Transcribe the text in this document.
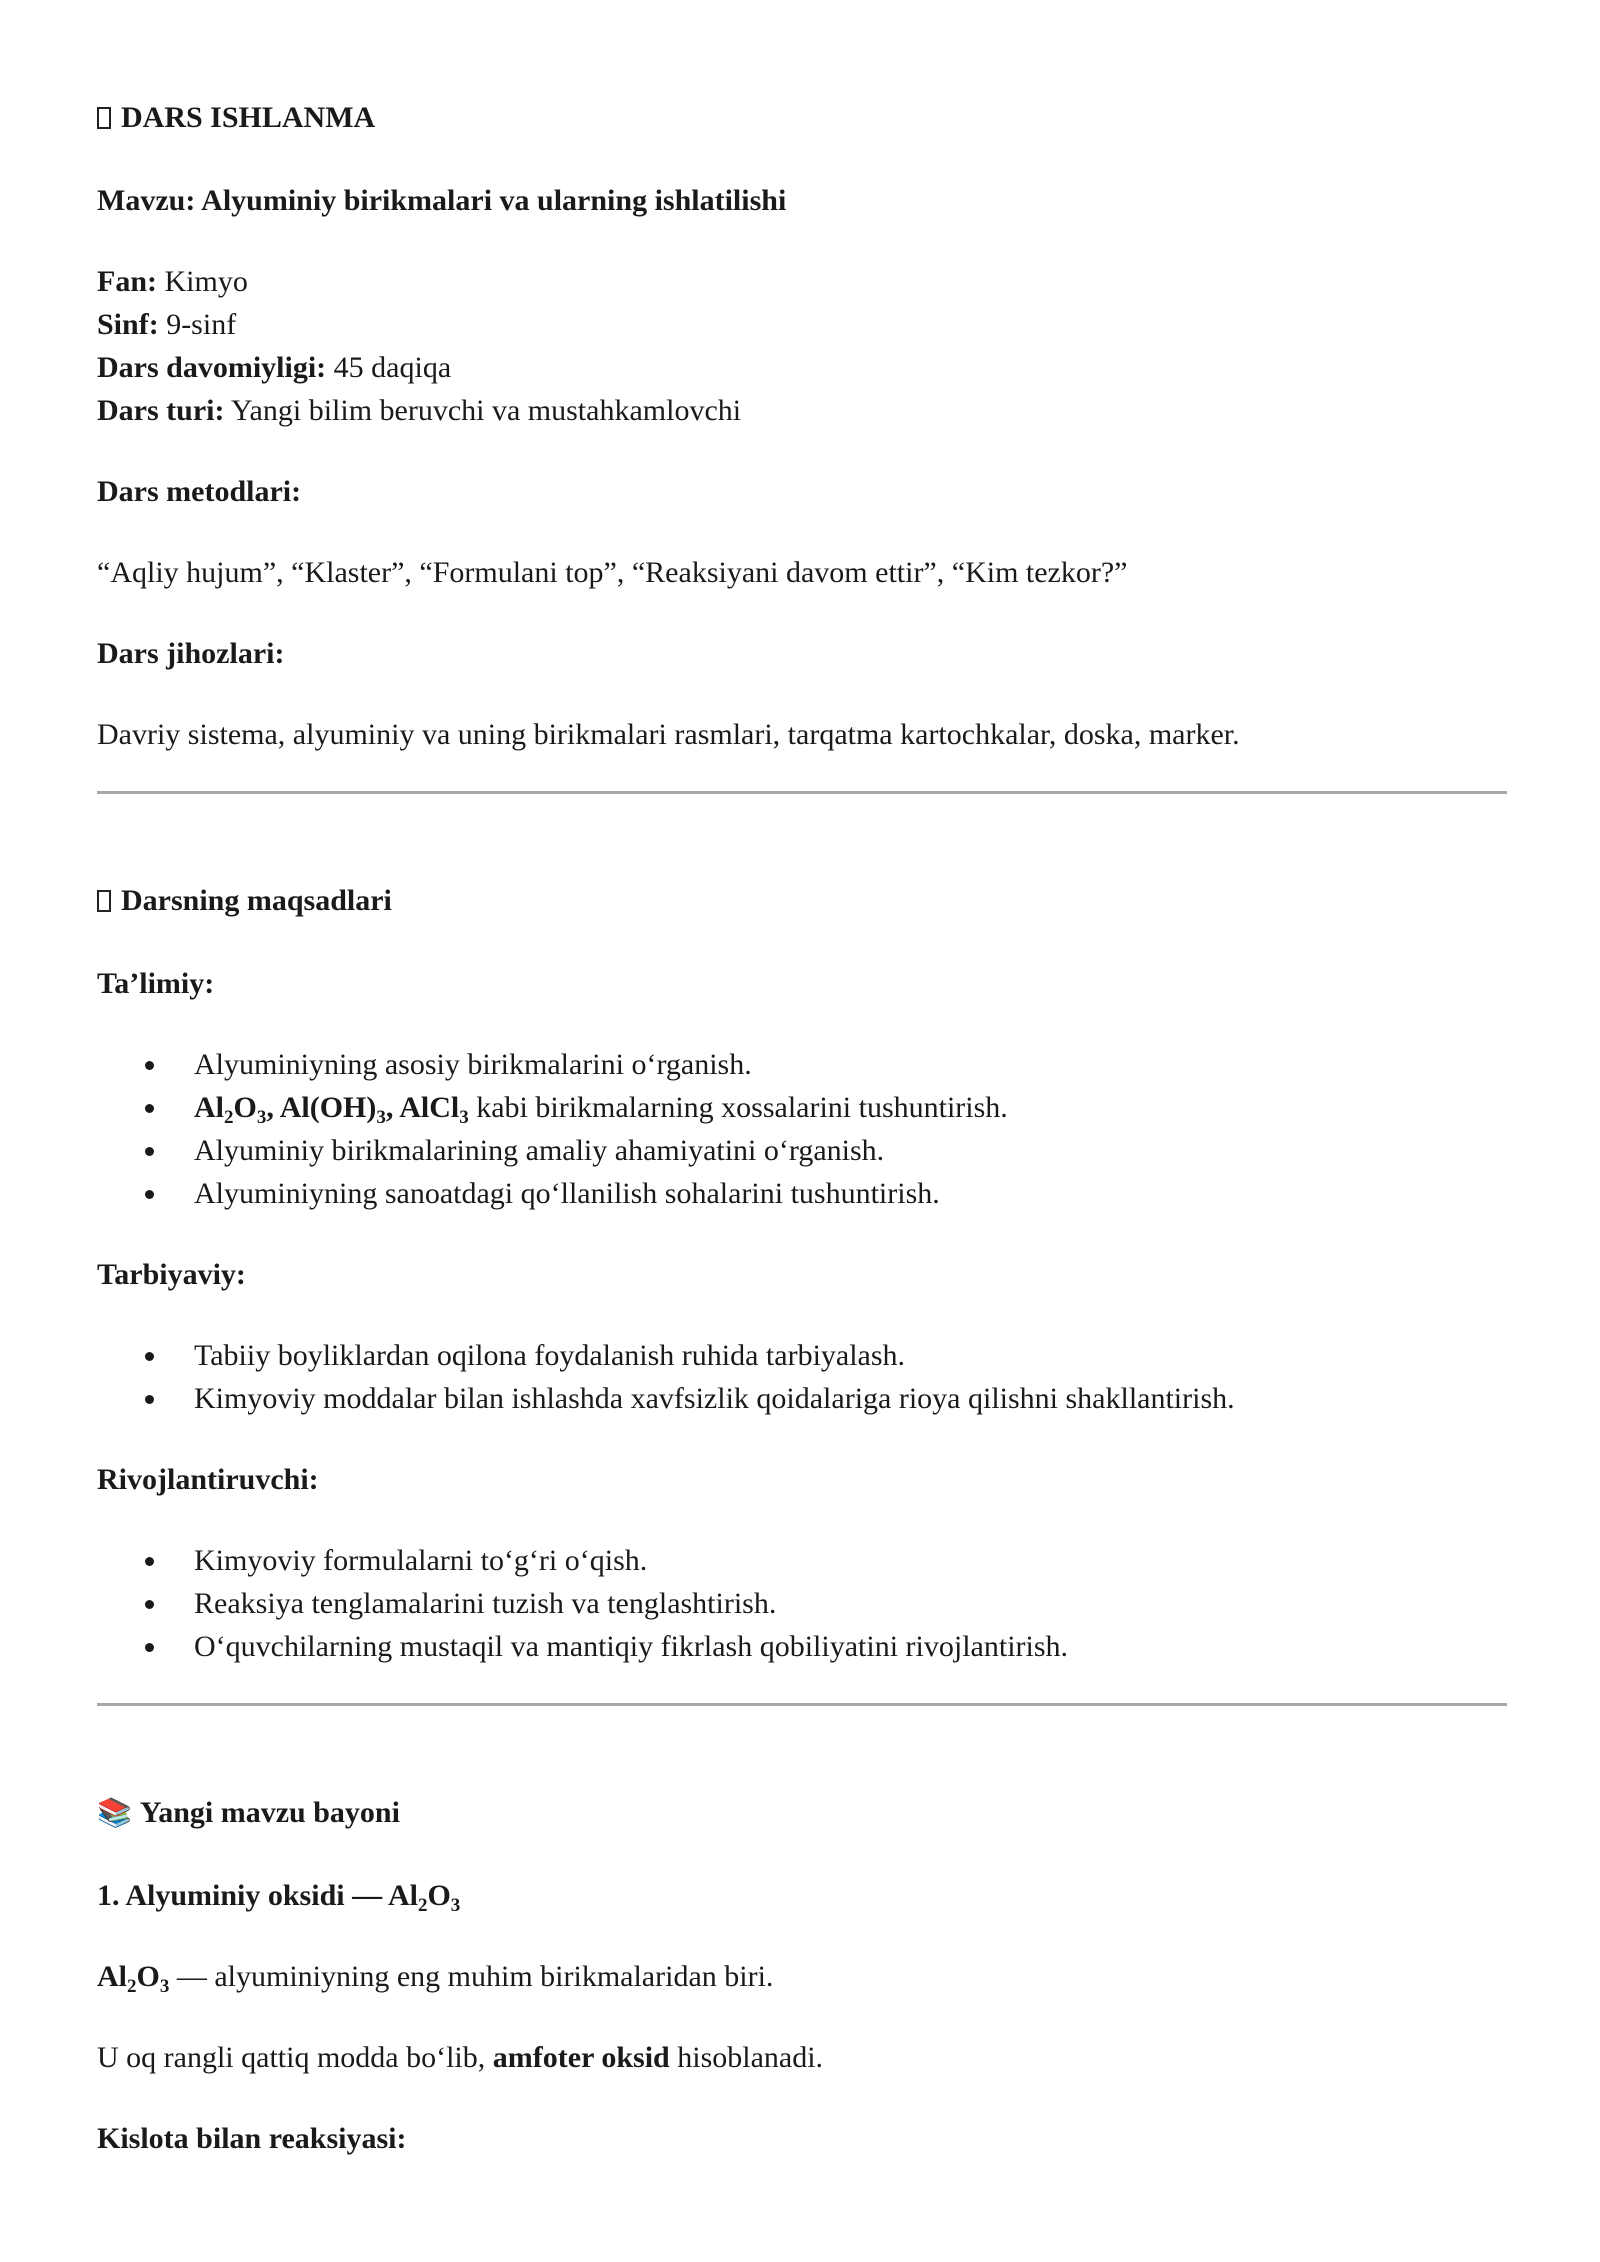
DARS ISHLANMA

Mavzu: Alyuminiy birikmalari va ularning ishlatilishi

Fan: Kimyo
Sinf: 9-sinf
Dars davomiyligi: 45 daqiqa
Dars turi: Yangi bilim beruvchi va mustahkamlovchi

Dars metodlari:

“Aqliy hujum”, “Klaster”, “Formulani top”, “Reaksiyani davom ettir”, “Kim tezkor?”

Dars jihozlari:

Davriy sistema, alyuminiy va uning birikmalari rasmlari, tarqatma kartochkalar, doska, marker.

Darsning maqsadlari

Ta’limiy:

Alyuminiyning asosiy birikmalarini o‘rganish.
$Al_2O_3$, $Al(OH)_3$, AlCl$_3$ kabi birikmalarning xossalarini tushuntirish.
Alyuminiy birikmalarining amaliy ahamiyatini o‘rganish.
Alyuminiyning sanoatdagi qo‘llanilish sohalarini tushuntirish.

Tarbiyaviy:

Tabiiy boyliklardan oqilona foydalanish ruhida tarbiyalash.
Kimyoviy moddalar bilan ishlashda xavfsizlik qoidalariga rioya qilishni shakllantirish.

Rivojlantiruvchi:

Kimyoviy formulalarni to‘g‘ri o‘qish.
Reaksiya tenglamalarini tuzish va tenglashtirish.
O‘quvchilarning mustaqil va mantiqiy fikrlash qobiliyatini rivojlantirish.

📚 Yangi mavzu bayoni

1. Alyuminiy oksidi — $Al_2O_3$

$Al_2O_3$ — alyuminiyning eng muhim birikmalaridan biri.

U oq rangli qattiq modda bo‘lib, amfoter oksid hisoblanadi.

Kislota bilan reaksiyasi:
